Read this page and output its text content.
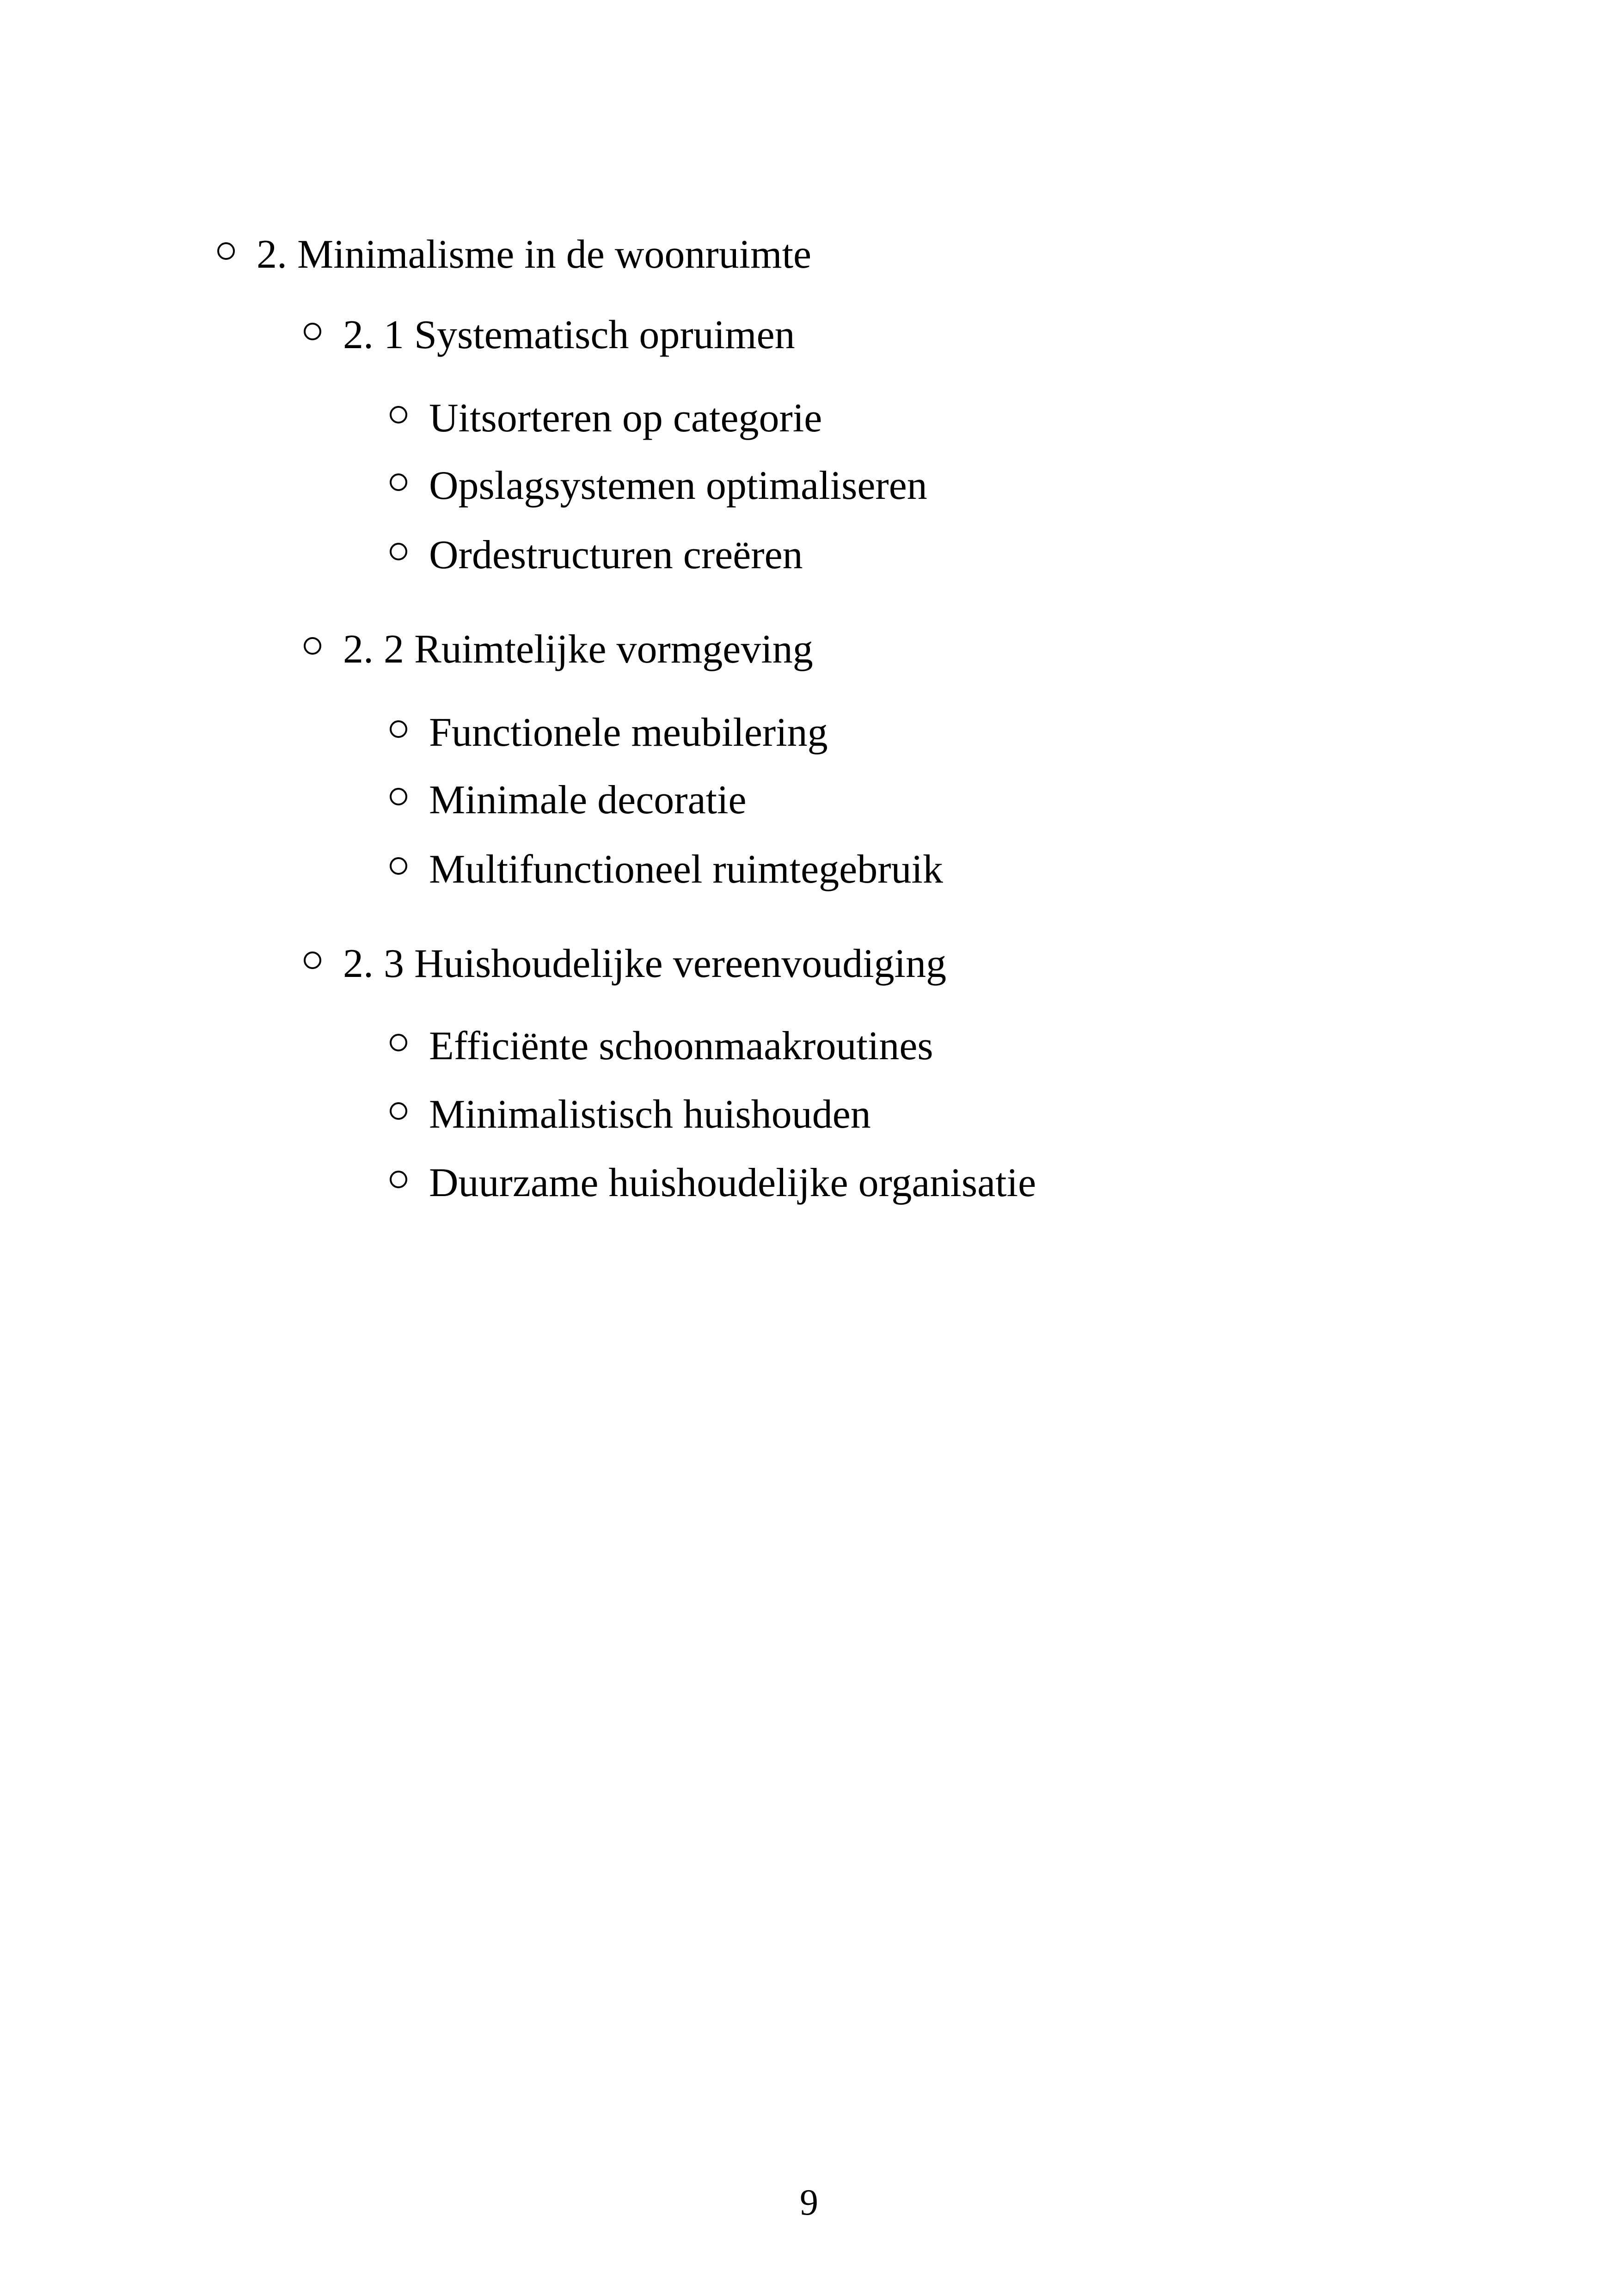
2. Minimalisme in de woonruimte
2. 1 Systematisch opruimen
Uitsorteren op categorie
Opslagsystemen optimaliseren
Ordestructuren creëren
2. 2 Ruimtelijke vormgeving
Functionele meubilering
Minimale decoratie
Multifunctioneel ruimtegebruik
2. 3 Huishoudelijke vereenvoudiging
Efficiënte schoonmaakroutines
Minimalistisch huishouden
Duurzame huishoudelijke organisatie
9
